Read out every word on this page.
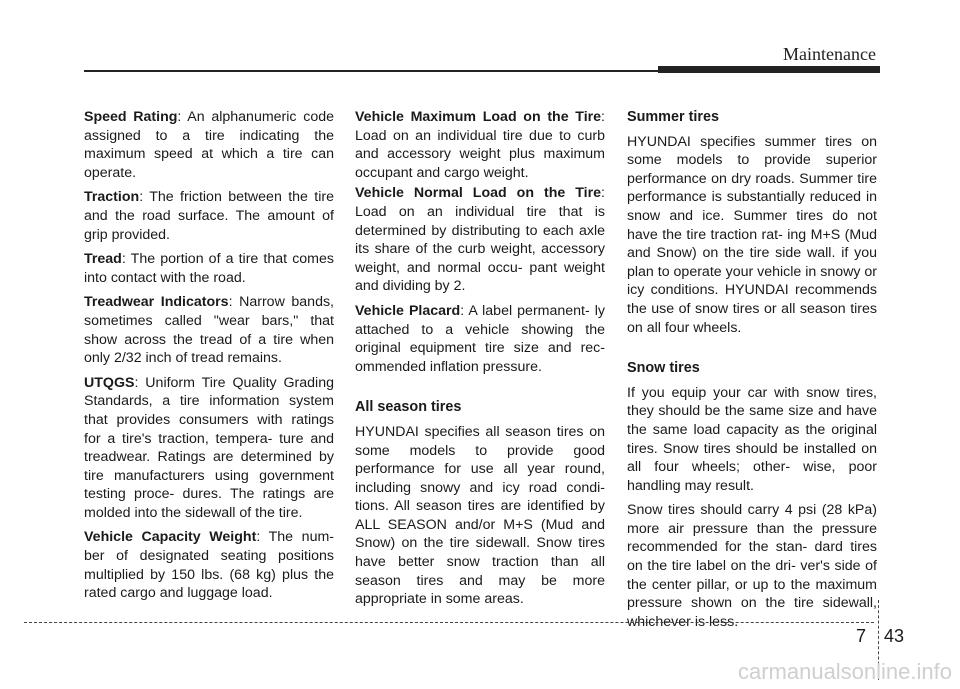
Maintenance

Speed Rating: An alphanumeric code assigned to a tire indicating the maximum speed at which a tire can operate.

Traction: The friction between the tire and the road surface. The amount of grip provided.

Tread: The portion of a tire that comes into contact with the road.

Treadwear Indicators: Narrow bands, sometimes called "wear bars," that show across the tread of a tire when only 2/32 inch of tread remains.

UTQGS: Uniform Tire Quality Grading Standards, a tire information system that provides consumers with ratings for a tire's traction, tempera- ture and treadwear. Ratings are determined by tire manufacturers using government testing proce- dures. The ratings are molded into the sidewall of the tire.

Vehicle Capacity Weight: The num- ber of designated seating positions multiplied by 150 lbs. (68 kg) plus the rated cargo and luggage load.

Vehicle Maximum Load on the Tire: Load on an individual tire due to curb and accessory weight plus maximum occupant and cargo weight.

Vehicle Normal Load on the Tire: Load on an individual tire that is determined by distributing to each axle its share of the curb weight, accessory weight, and normal occu- pant weight and dividing by 2.

Vehicle Placard: A label permanent- ly attached to a vehicle showing the original equipment tire size and rec- ommended inflation pressure.

All season tires

HYUNDAI specifies all season tires on some models to provide good performance for use all year round, including snowy and icy road condi- tions. All season tires are identified by ALL SEASON and/or M+S (Mud and Snow) on the tire sidewall. Snow tires have better snow traction than all season tires and may be more appropriate in some areas.

Summer tires

HYUNDAI specifies summer tires on some models to provide superior performance on dry roads. Summer tire performance is substantially reduced in snow and ice. Summer tires do not have the tire traction rat- ing M+S (Mud and Snow) on the tire side wall. if you plan to operate your vehicle in snowy or icy conditions. HYUNDAI recommends the use of snow tires or all season tires on all four wheels.

Snow tires

If you equip your car with snow tires, they should be the same size and have the same load capacity as the original tires. Snow tires should be installed on all four wheels; other- wise, poor handling may result.

Snow tires should carry 4 psi (28 kPa) more air pressure than the pressure recommended for the stan- dard tires on the tire label on the dri- ver's side of the center pillar, or up to the maximum pressure shown on the tire sidewall, whichever is less.

7 43
carmanualsonline.info
